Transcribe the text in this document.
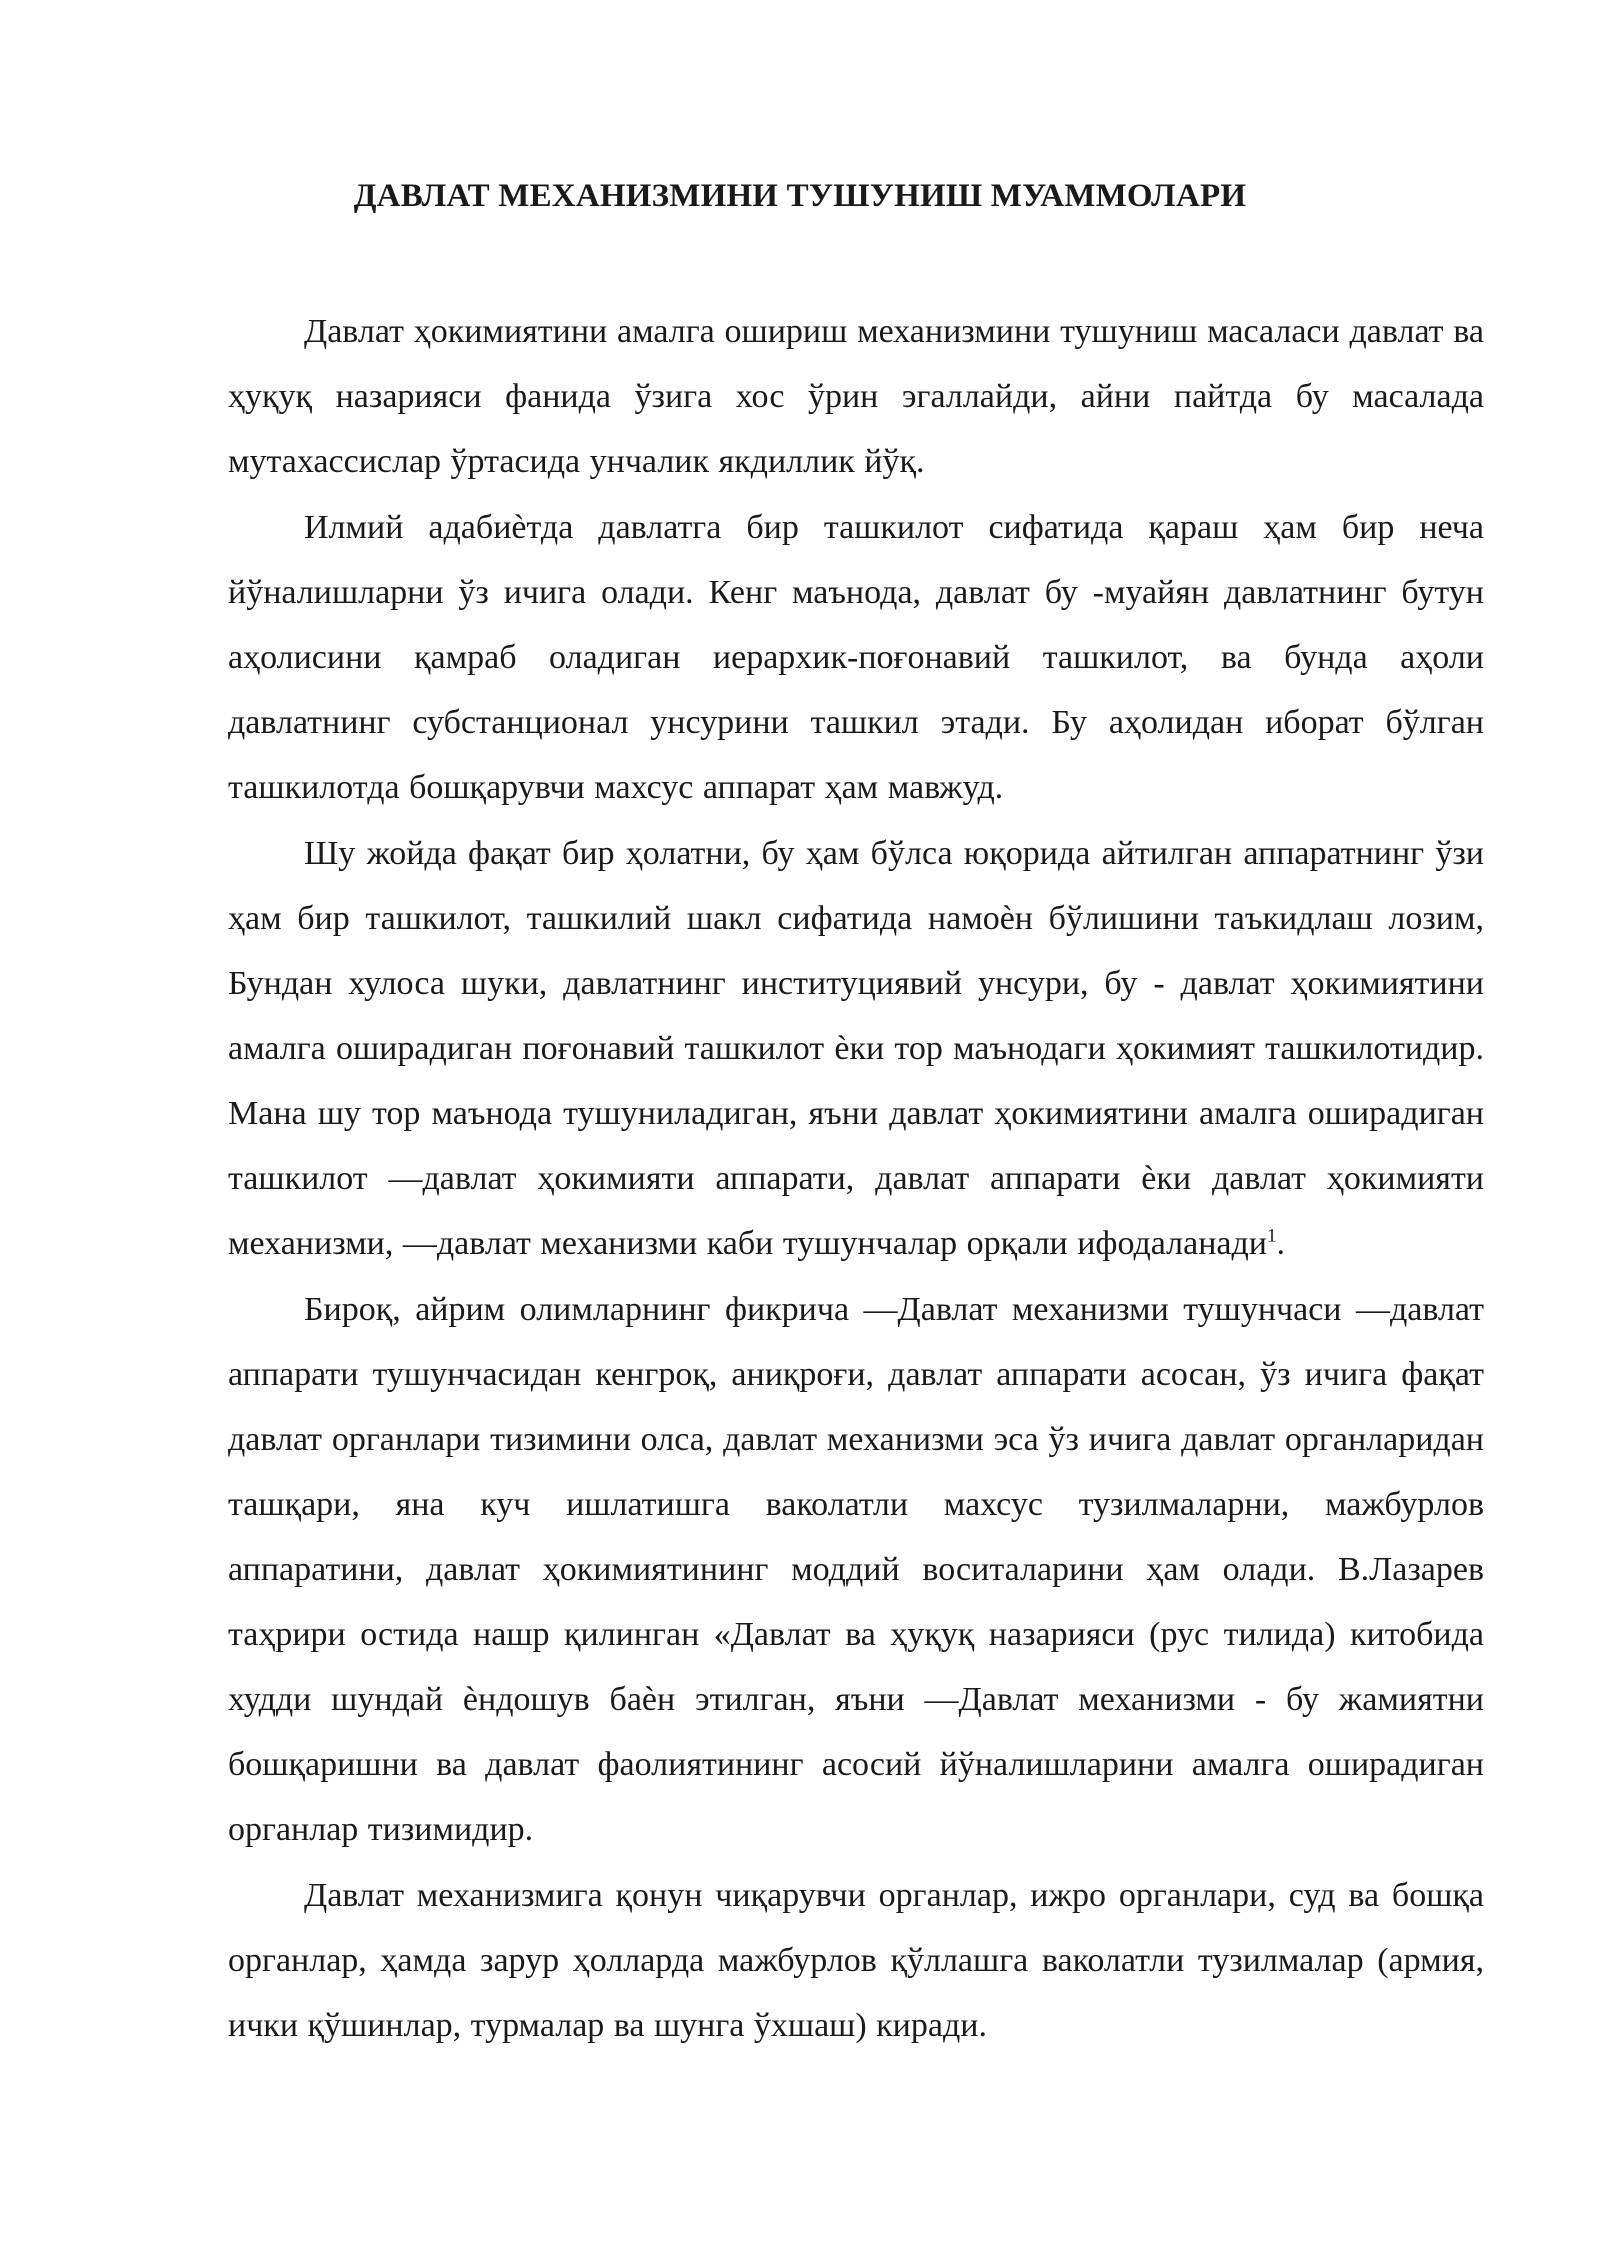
ДАВЛАТ МЕХАНИЗМИНИ ТУШУНИШ МУАММОЛАРИ

Давлат ҳокимиятини амалга ошириш механизмини тушуниш масаласи давлат ва ҳуқуқ назарияси фанида ўзига хос ўрин эгаллайди, айни пайтда бу масалада мутахассислар ўртасида унчалик якдиллик йўқ.

Илмий адабиѐтда давлатга бир ташкилот сифатида қараш ҳам бир неча йўналишларни ўз ичига олади. Кенг маънода, давлат бу -муайян давлатнинг бутун аҳолисини қамраб оладиган иерархик-поғонавий ташкилот, ва бунда аҳоли давлатнинг субстанционал унсурини ташкил этади. Бу аҳолидан иборат бўлган ташкилотда бошқарувчи махсус аппарат ҳам мавжуд.

Шу жойда фақат бир ҳолатни, бу ҳам бўлса юқорида айтилган аппаратнинг ўзи ҳам бир ташкилот, ташкилий шакл сифатида намоѐн бўлишини таъкидлаш лозим, Бундан хулоса шуки, давлатнинг институциявий унсури, бу - давлат ҳокимиятини амалга оширадиган поғонавий ташкилот ѐки тор маънодаги ҳокимият ташкилотидир. Мана шу тор маънода тушуниладиган, яъни давлат ҳокимиятини амалга оширадиган ташкилот ―давлат ҳокимияти аппарати, давлат аппарати ѐки давлат ҳокимияти механизми, ―давлат механизми каби тушунчалар орқали ифодаланади$^1$.

Бироқ, айрим олимларнинг фикрича ―Давлат механизми тушунчаси ―давлат аппарати тушунчасидан кенгроқ, аниқроғи, давлат аппарати асосан, ўз ичига фақат давлат органлари тизимини олса, давлат механизми эса ўз ичига давлат органларидан ташқари, яна куч ишлатишга ваколатли махсус тузилмаларни, мажбурлов аппаратини, давлат ҳокимиятининг моддий воситаларини ҳам олади. В.Лазарев таҳрири остида нашр қилинган «Давлат ва ҳуқуқ назарияси (рус тилида) китобида худди шундай ѐндошув баѐн этилган, яъни ―Давлат механизми - бу жамиятни бошқаришни ва давлат фаолиятининг асосий йўналишларини амалга оширадиган органлар тизимидир.

Давлат механизмига қонун чиқарувчи органлар, ижро органлари, суд ва бошқа органлар, ҳамда зарур ҳолларда мажбурлов қўллашга ваколатли тузилмалар (армия, ички қўшинлар, турмалар ва шунга ўхшаш) киради.
